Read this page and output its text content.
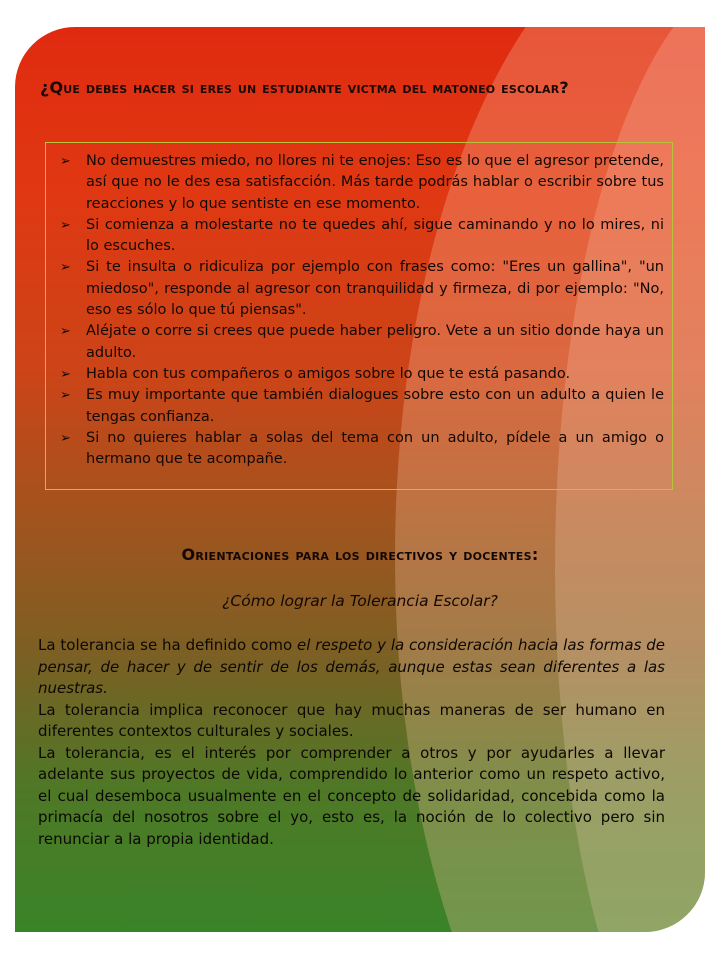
¿Que debes hacer si eres un estudiante victma del matoneo escolar?
➢ No demuestres miedo, no llores ni te enojes: Eso es lo que el agresor pretende, así que no le des esa satisfacción. Más tarde podrás hablar o escribir sobre tus reacciones y lo que sentiste en ese momento.
➢ Si comienza a molestarte no te quedes ahí, sigue caminando y no lo mires, ni lo escuches.
➢ Si te insulta o ridiculiza por ejemplo con frases como: "Eres un gallina", "un miedoso", responde al agresor con tranquilidad y firmeza, di por ejemplo: "No, eso es sólo lo que tú piensas".
➢ Aléjate o corre si crees que puede haber peligro. Vete a un sitio donde haya un adulto.
➢ Habla con tus compañeros o amigos sobre lo que te está pasando.
➢ Es muy importante que también dialogues sobre esto con un adulto a quien le tengas confianza.
➢ Si no quieres hablar a solas del tema con un adulto, pídele a un amigo o hermano que te acompañe.
Orientaciones para los directivos y docentes:
¿Cómo lograr la Tolerancia Escolar?

La tolerancia se ha definido como el respeto y la consideración hacia las formas de pensar, de hacer y de sentir de los demás, aunque estas sean diferentes a las nuestras.

La tolerancia implica reconocer que hay muchas maneras de ser humano en diferentes contextos culturales y sociales.

La tolerancia, es el interés por comprender a otros y por ayudarles a llevar adelante sus proyectos de vida, comprendido lo anterior como un respeto activo, el cual desemboca usualmente en el concepto de solidaridad, concebida como la primacía del nosotros sobre el yo, esto es, la noción de lo colectivo pero sin renunciar a la propia identidad.
